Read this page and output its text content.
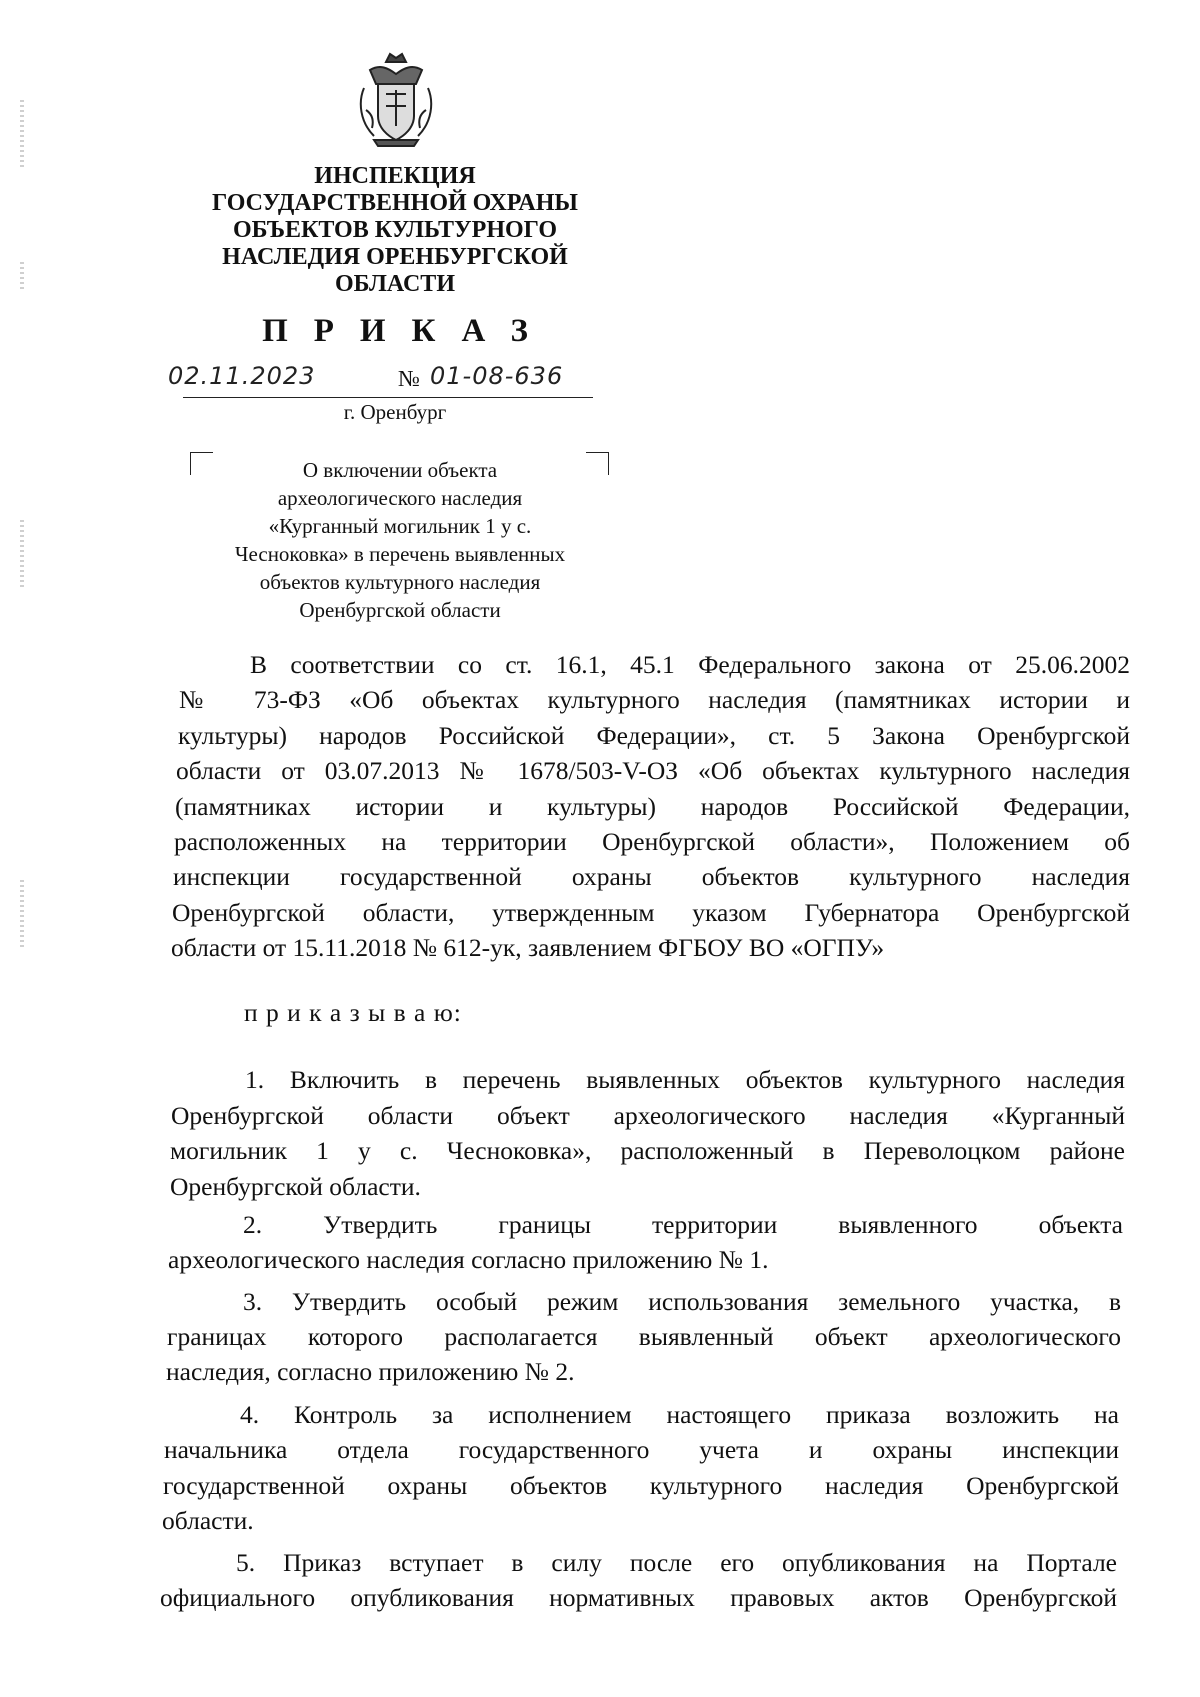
ИНСПЕКЦИЯ
ГОСУДАРСТВЕННОЙ ОХРАНЫ
ОБЪЕКТОВ КУЛЬТУРНОГО
НАСЛЕДИЯ ОРЕНБУРГСКОЙ
ОБЛАСТИ
ПРИКАЗ
02.11.2023	№ 01-08-636
г. Оренбург
О включении объекта
археологического наследия
«Курганный могильник 1 у с.
Чесноковка» в перечень выявленных
объектов культурного наследия
Оренбургской области
В соответствии со ст. 16.1, 45.1 Федерального закона от 25.06.2002
№ 73-ФЗ «Об объектах культурного наследия (памятниках истории и
культуры) народов Российской Федерации», ст. 5 Закона Оренбургской
области от 03.07.2013 № 1678/503-V-ОЗ «Об объектах культурного наследия
(памятниках истории и культуры) народов Российской Федерации,
расположенных на территории Оренбургской области», Положением об
инспекции государственной охраны объектов культурного наследия
Оренбургской области, утвержденным указом Губернатора Оренбургской
области от 15.11.2018 № 612-ук, заявлением ФГБОУ ВО «ОГПУ»
п р и к а з ы в а ю:
1. Включить в перечень выявленных объектов культурного наследия
Оренбургской области объект археологического наследия «Курганный
могильник 1 у с. Чесноковка», расположенный в Переволоцком районе
Оренбургской области.
2. Утвердить границы территории выявленного объекта
археологического наследия согласно приложению № 1.
3. Утвердить особый режим использования земельного участка, в
границах которого располагается выявленный объект археологического
наследия, согласно приложению № 2.
4. Контроль за исполнением настоящего приказа возложить на
начальника отдела государственного учета и охраны инспекции
государственной охраны объектов культурного наследия Оренбургской
области.
5. Приказ вступает в силу после его опубликования на Портале
официального опубликования нормативных правовых актов Оренбургской
